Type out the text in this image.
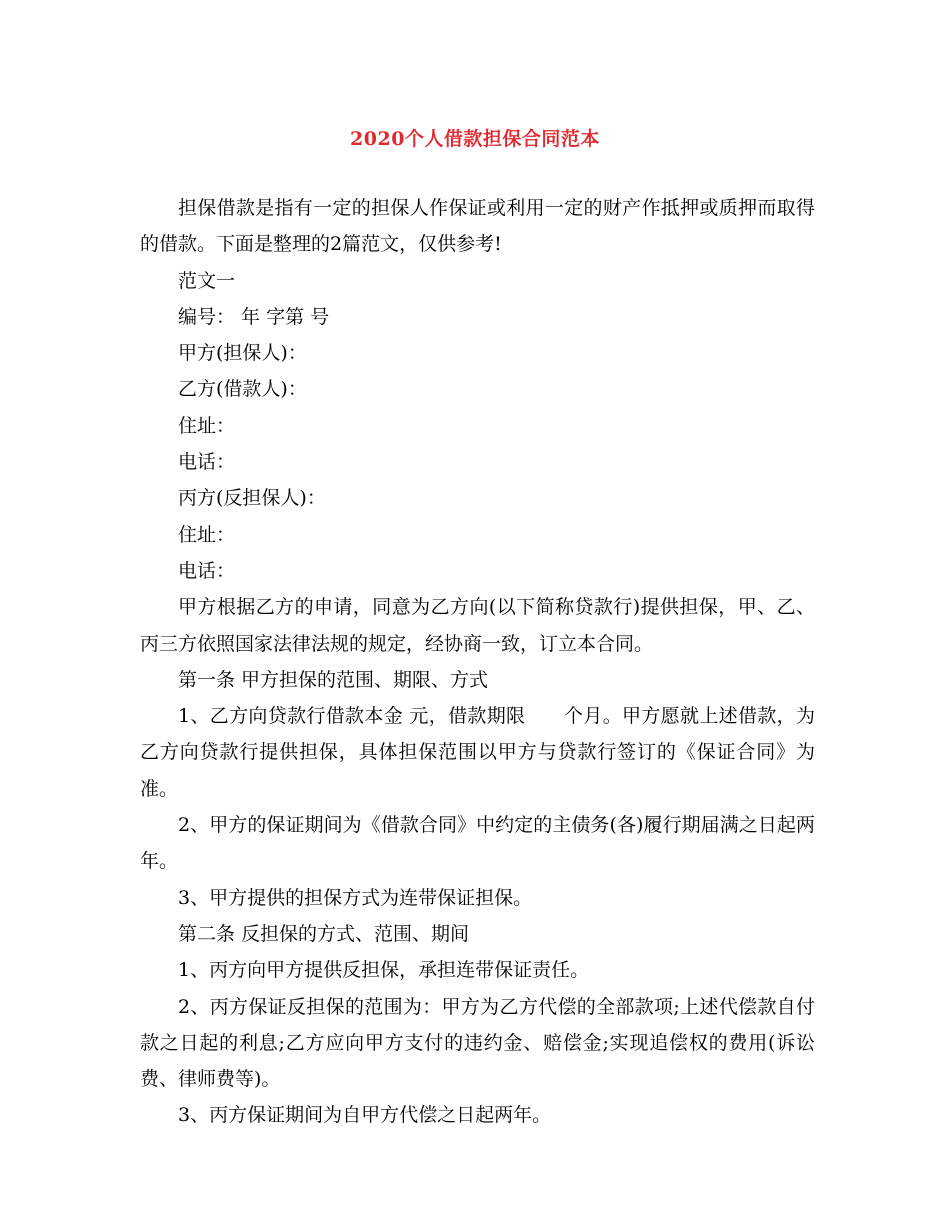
2020个人借款担保合同范本

担保借款是指有一定的担保人作保证或利用一定的财产作抵押或质押而取得的借款。下面是整理的2篇范文，仅供参考!

范文一

编号： 年 字第 号

甲方(担保人)：

乙方(借款人)：

住址：

电话：

丙方(反担保人)：

住址：

电话：

甲方根据乙方的申请，同意为乙方向(以下简称贷款行)提供担保，甲、乙、丙三方依照国家法律法规的规定，经协商一致，订立本合同。

第一条 甲方担保的范围、期限、方式

1、乙方向贷款行借款本金 元，借款期限　　个月。甲方愿就上述借款，为乙方向贷款行提供担保，具体担保范围以甲方与贷款行签订的《保证合同》为准。

2、甲方的保证期间为《借款合同》中约定的主债务(各)履行期届满之日起两年。

3、甲方提供的担保方式为连带保证担保。

第二条 反担保的方式、范围、期间

1、丙方向甲方提供反担保，承担连带保证责任。

2、丙方保证反担保的范围为：甲方为乙方代偿的全部款项;上述代偿款自付款之日起的利息;乙方应向甲方支付的违约金、赔偿金;实现追偿权的费用(诉讼费、律师费等)。

3、丙方保证期间为自甲方代偿之日起两年。
